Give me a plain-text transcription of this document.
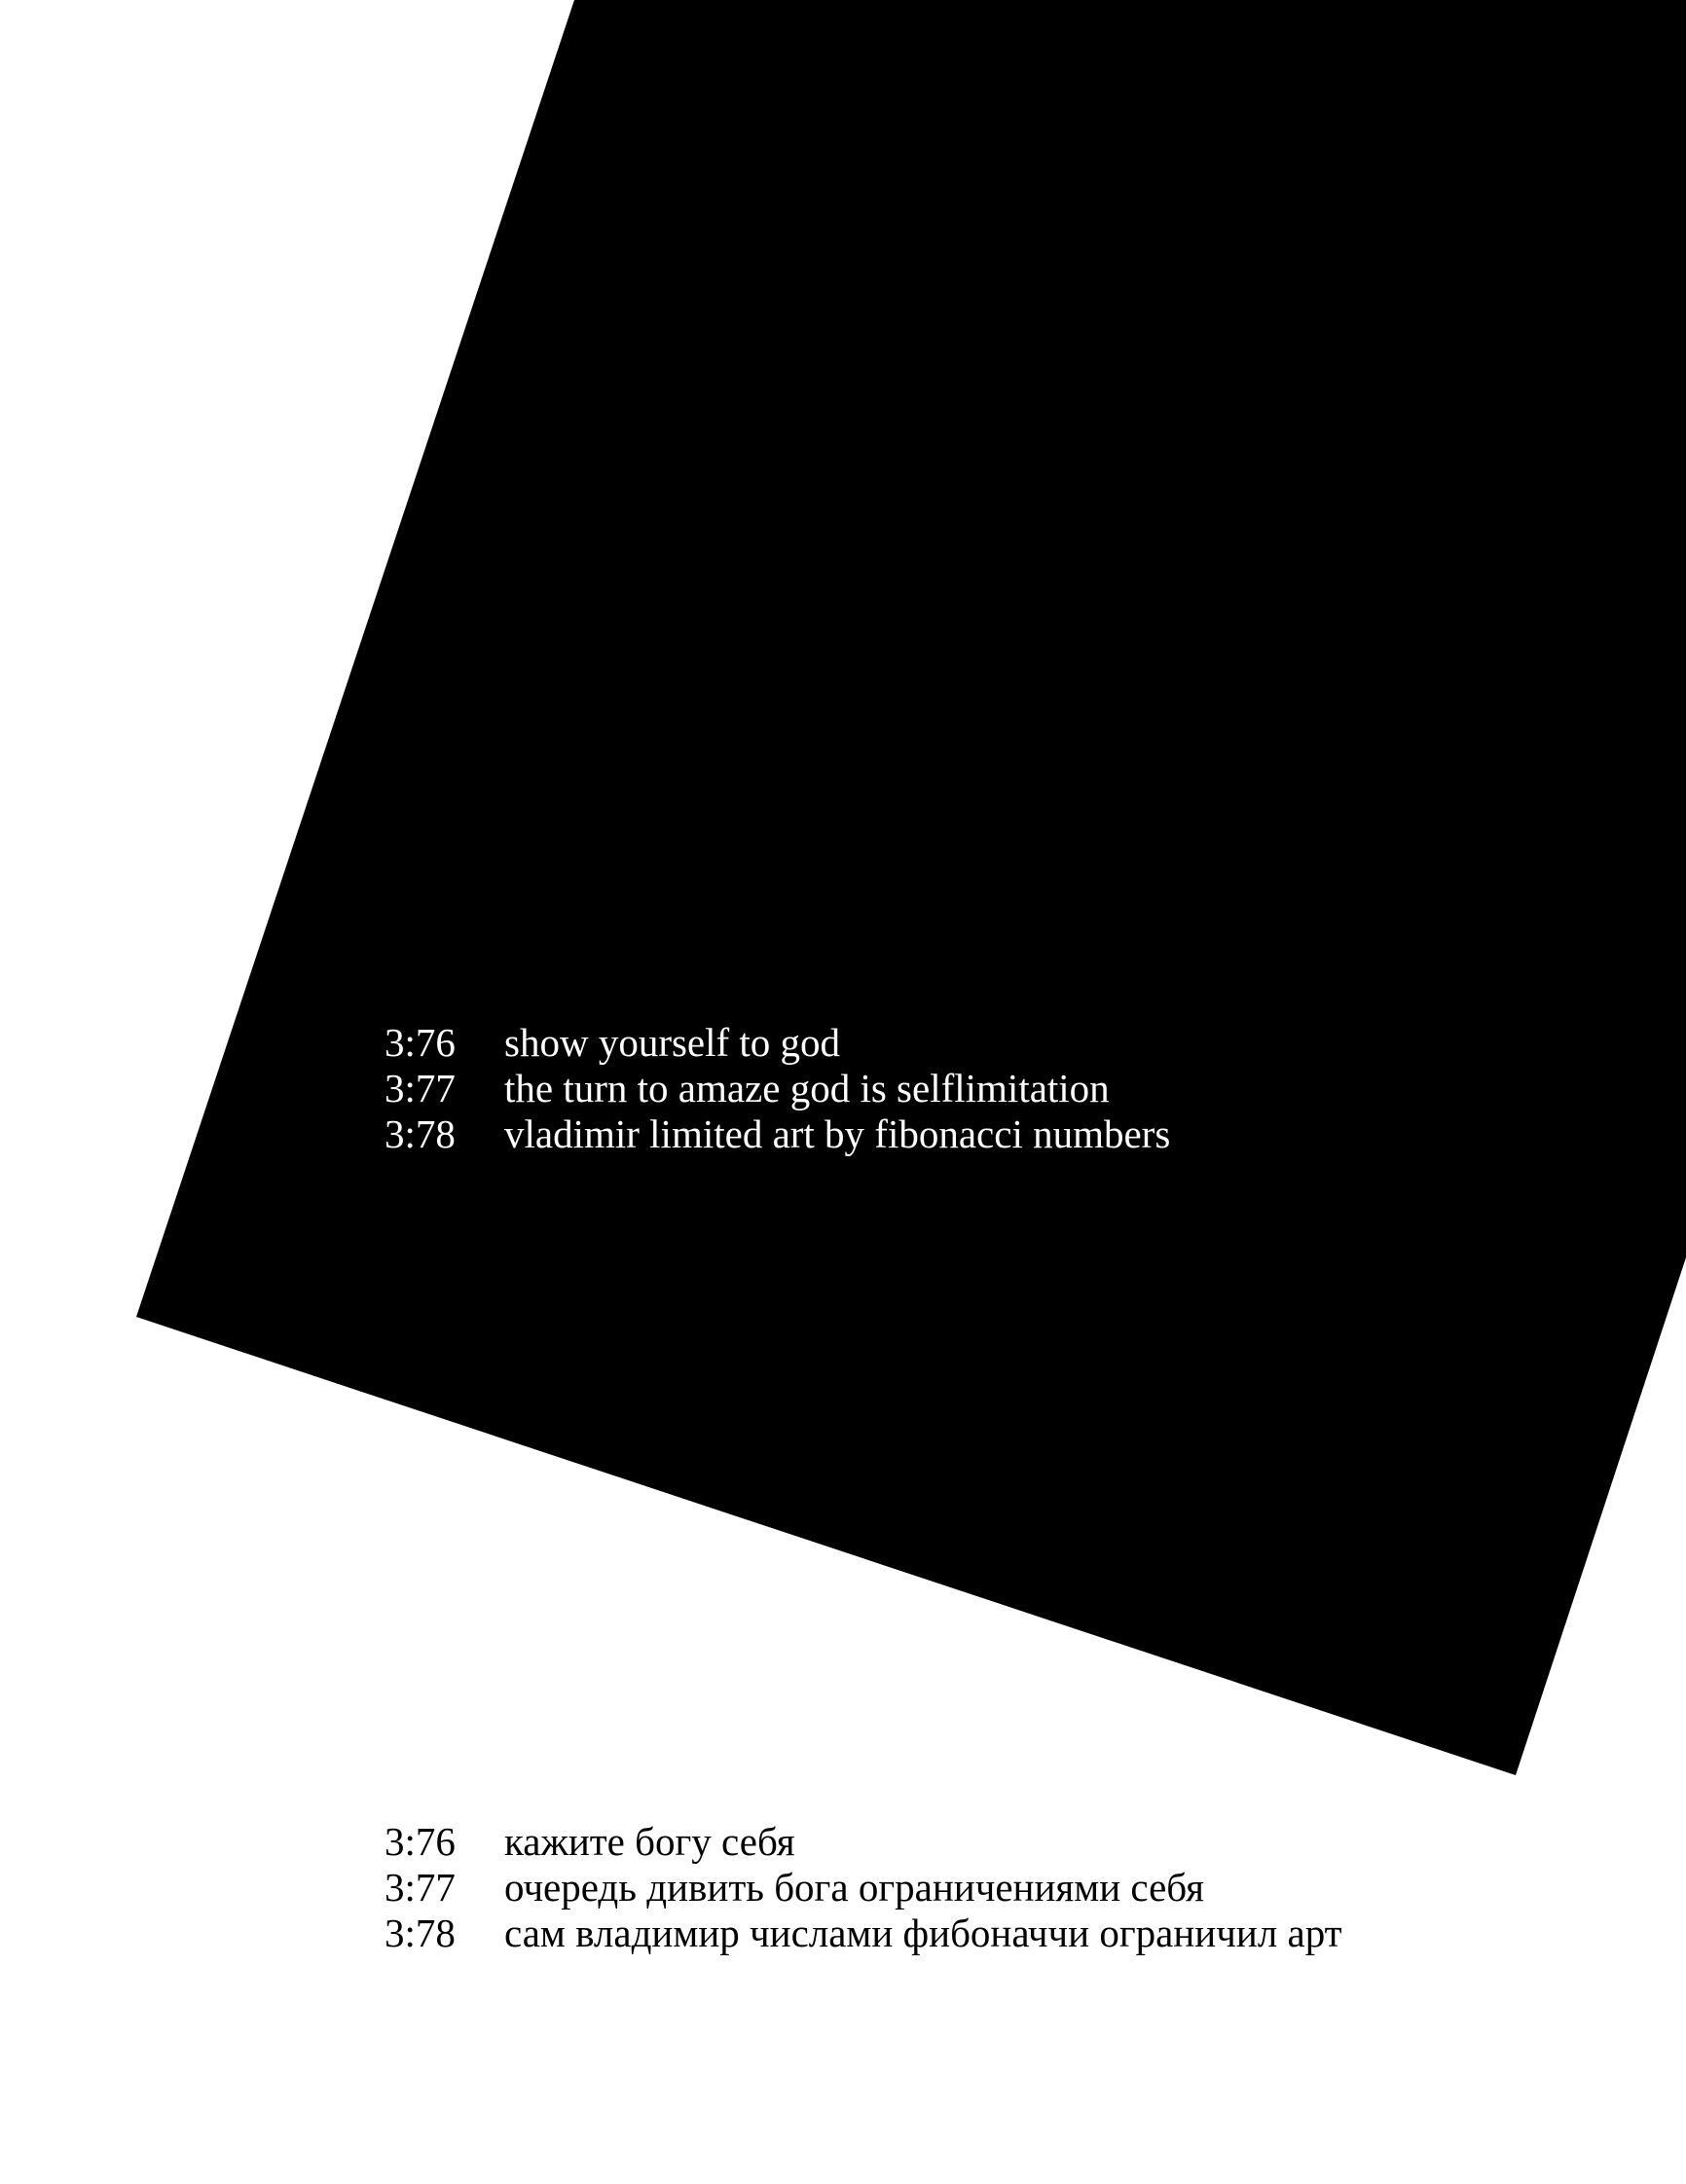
3:76	show yourself to god
3:77	the turn to amaze god is selflimitation
3:78	vladimir limited art by fibonacci numbers
3:76	кажите богу себя
3:77	очередь дивить бога ограничениями себя
3:78	сам владимир числами фибоначчи ограничил арт
